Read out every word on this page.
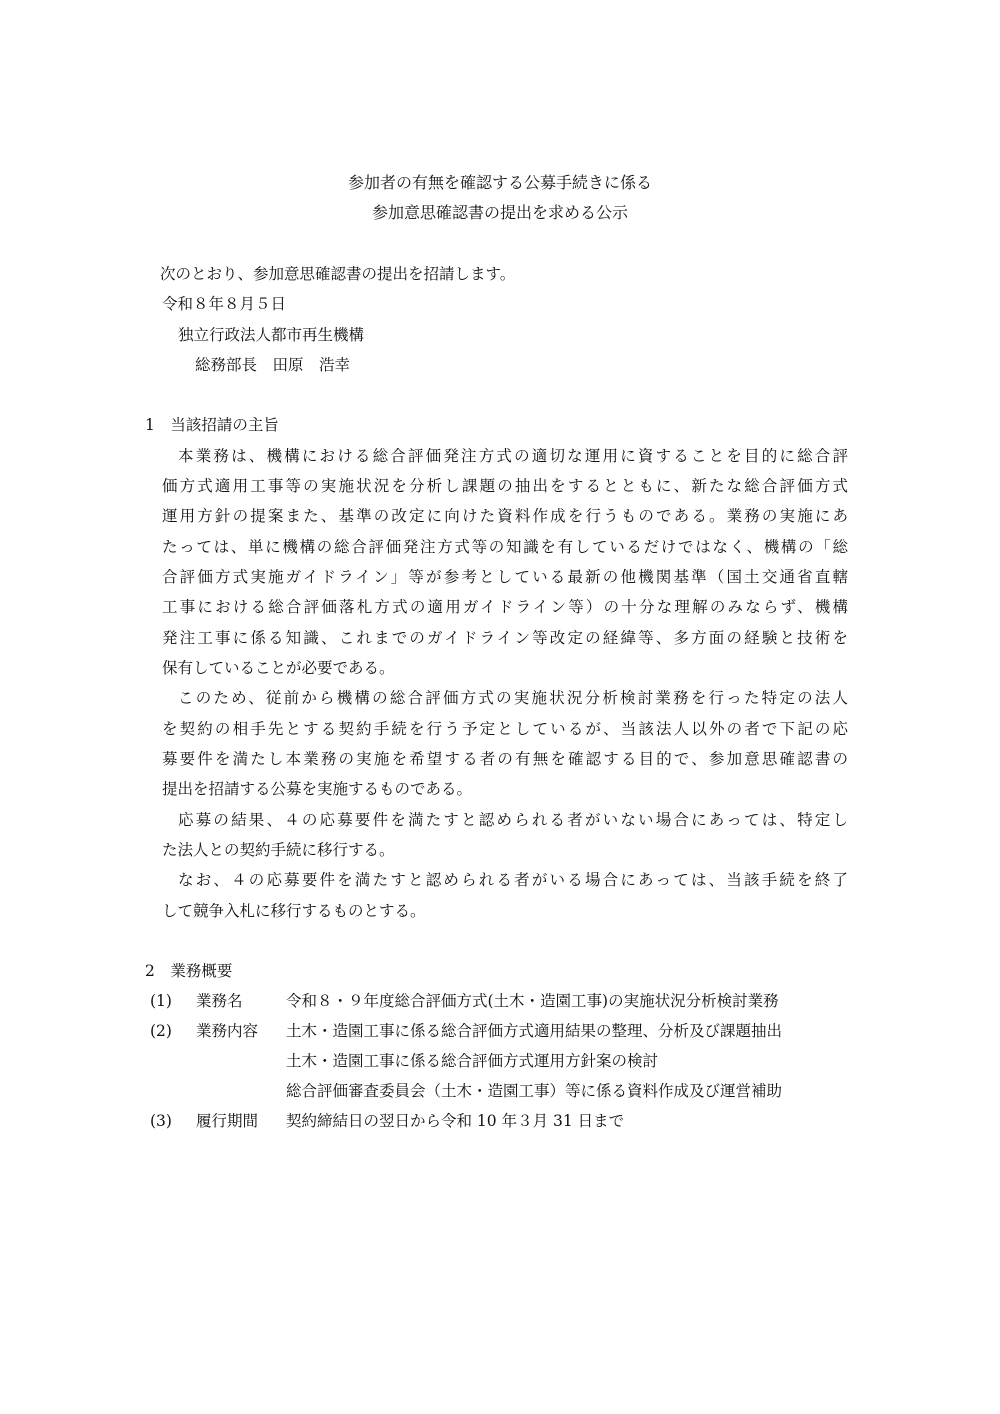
参加者の有無を確認する公募手続きに係る
参加意思確認書の提出を求める公示
次のとおり、参加意思確認書の提出を招請します。
令和８年８月５日
独立行政法人都市再生機構
総務部長　田原　浩幸
1　当該招請の主旨
本業務は、機構における総合評価発注方式の適切な運用に資することを目的に総合評
価方式適用工事等の実施状況を分析し課題の抽出をするとともに、新たな総合評価方式
運用方針の提案また、基準の改定に向けた資料作成を行うものである。業務の実施にあ
たっては、単に機構の総合評価発注方式等の知識を有しているだけではなく、機構の「総
合評価方式実施ガイドライン」等が参考としている最新の他機関基準（国土交通省直轄
工事における総合評価落札方式の適用ガイドライン等）の十分な理解のみならず、機構
発注工事に係る知識、これまでのガイドライン等改定の経緯等、多方面の経験と技術を
保有していることが必要である。
このため、従前から機構の総合評価方式の実施状況分析検討業務を行った特定の法人
を契約の相手先とする契約手続を行う予定としているが、当該法人以外の者で下記の応
募要件を満たし本業務の実施を希望する者の有無を確認する目的で、参加意思確認書の
提出を招請する公募を実施するものである。
応募の結果、４の応募要件を満たすと認められる者がいない場合にあっては、特定し
た法人との契約手続に移行する。
なお、４の応募要件を満たすと認められる者がいる場合にあっては、当該手続を終了
して競争入札に移行するものとする。
2　業務概要
(1) 業務名	令和８・９年度総合評価方式(土木・造園工事)の実施状況分析検討業務
(2) 業務内容 土木・造園工事に係る総合評価方式適用結果の整理、分析及び課題抽出
土木・造園工事に係る総合評価方式運用方針案の検討
総合評価審査委員会（土木・造園工事）等に係る資料作成及び運営補助
(3) 履行期間 契約締結日の翌日から令和 10 年３月 31 日まで
